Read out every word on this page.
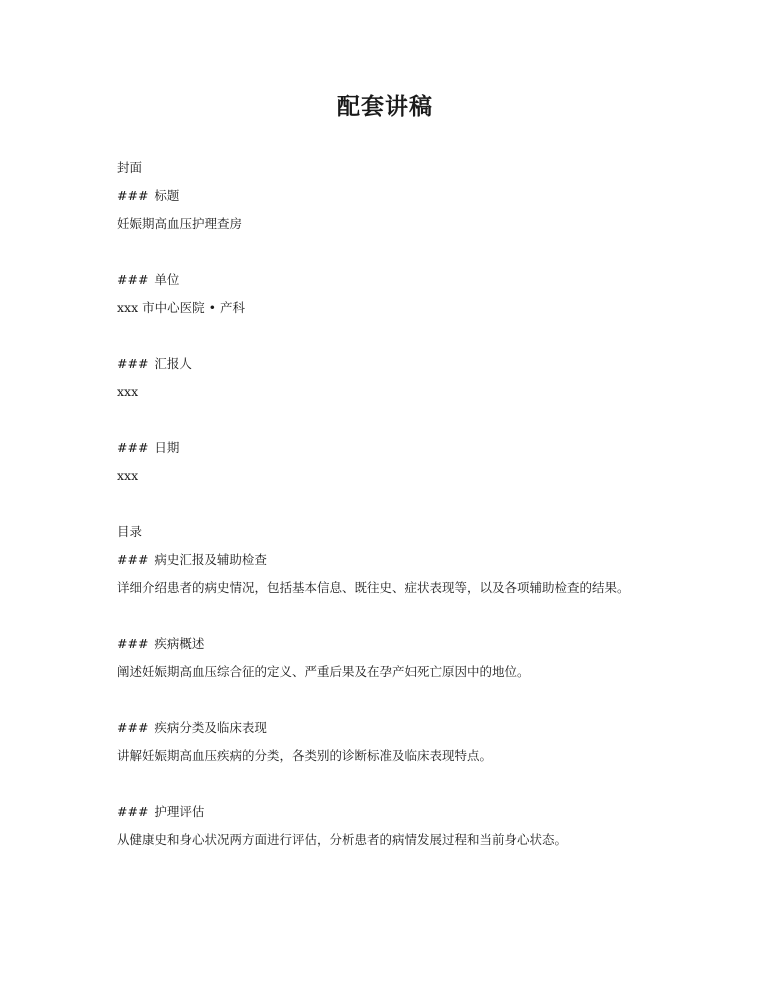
配套讲稿
封面
### 标题
妊娠期高血压护理查房
### 单位
xxx 市中心医院 • 产科
### 汇报人
xxx
### 日期
xxx
目录
### 病史汇报及辅助检查
详细介绍患者的病史情况，包括基本信息、既往史、症状表现等，以及各项辅助检查的结果。
### 疾病概述
阐述妊娠期高血压综合征的定义、严重后果及在孕产妇死亡原因中的地位。
### 疾病分类及临床表现
讲解妊娠期高血压疾病的分类，各类别的诊断标准及临床表现特点。
### 护理评估
从健康史和身心状况两方面进行评估，分析患者的病情发展过程和当前身心状态。
